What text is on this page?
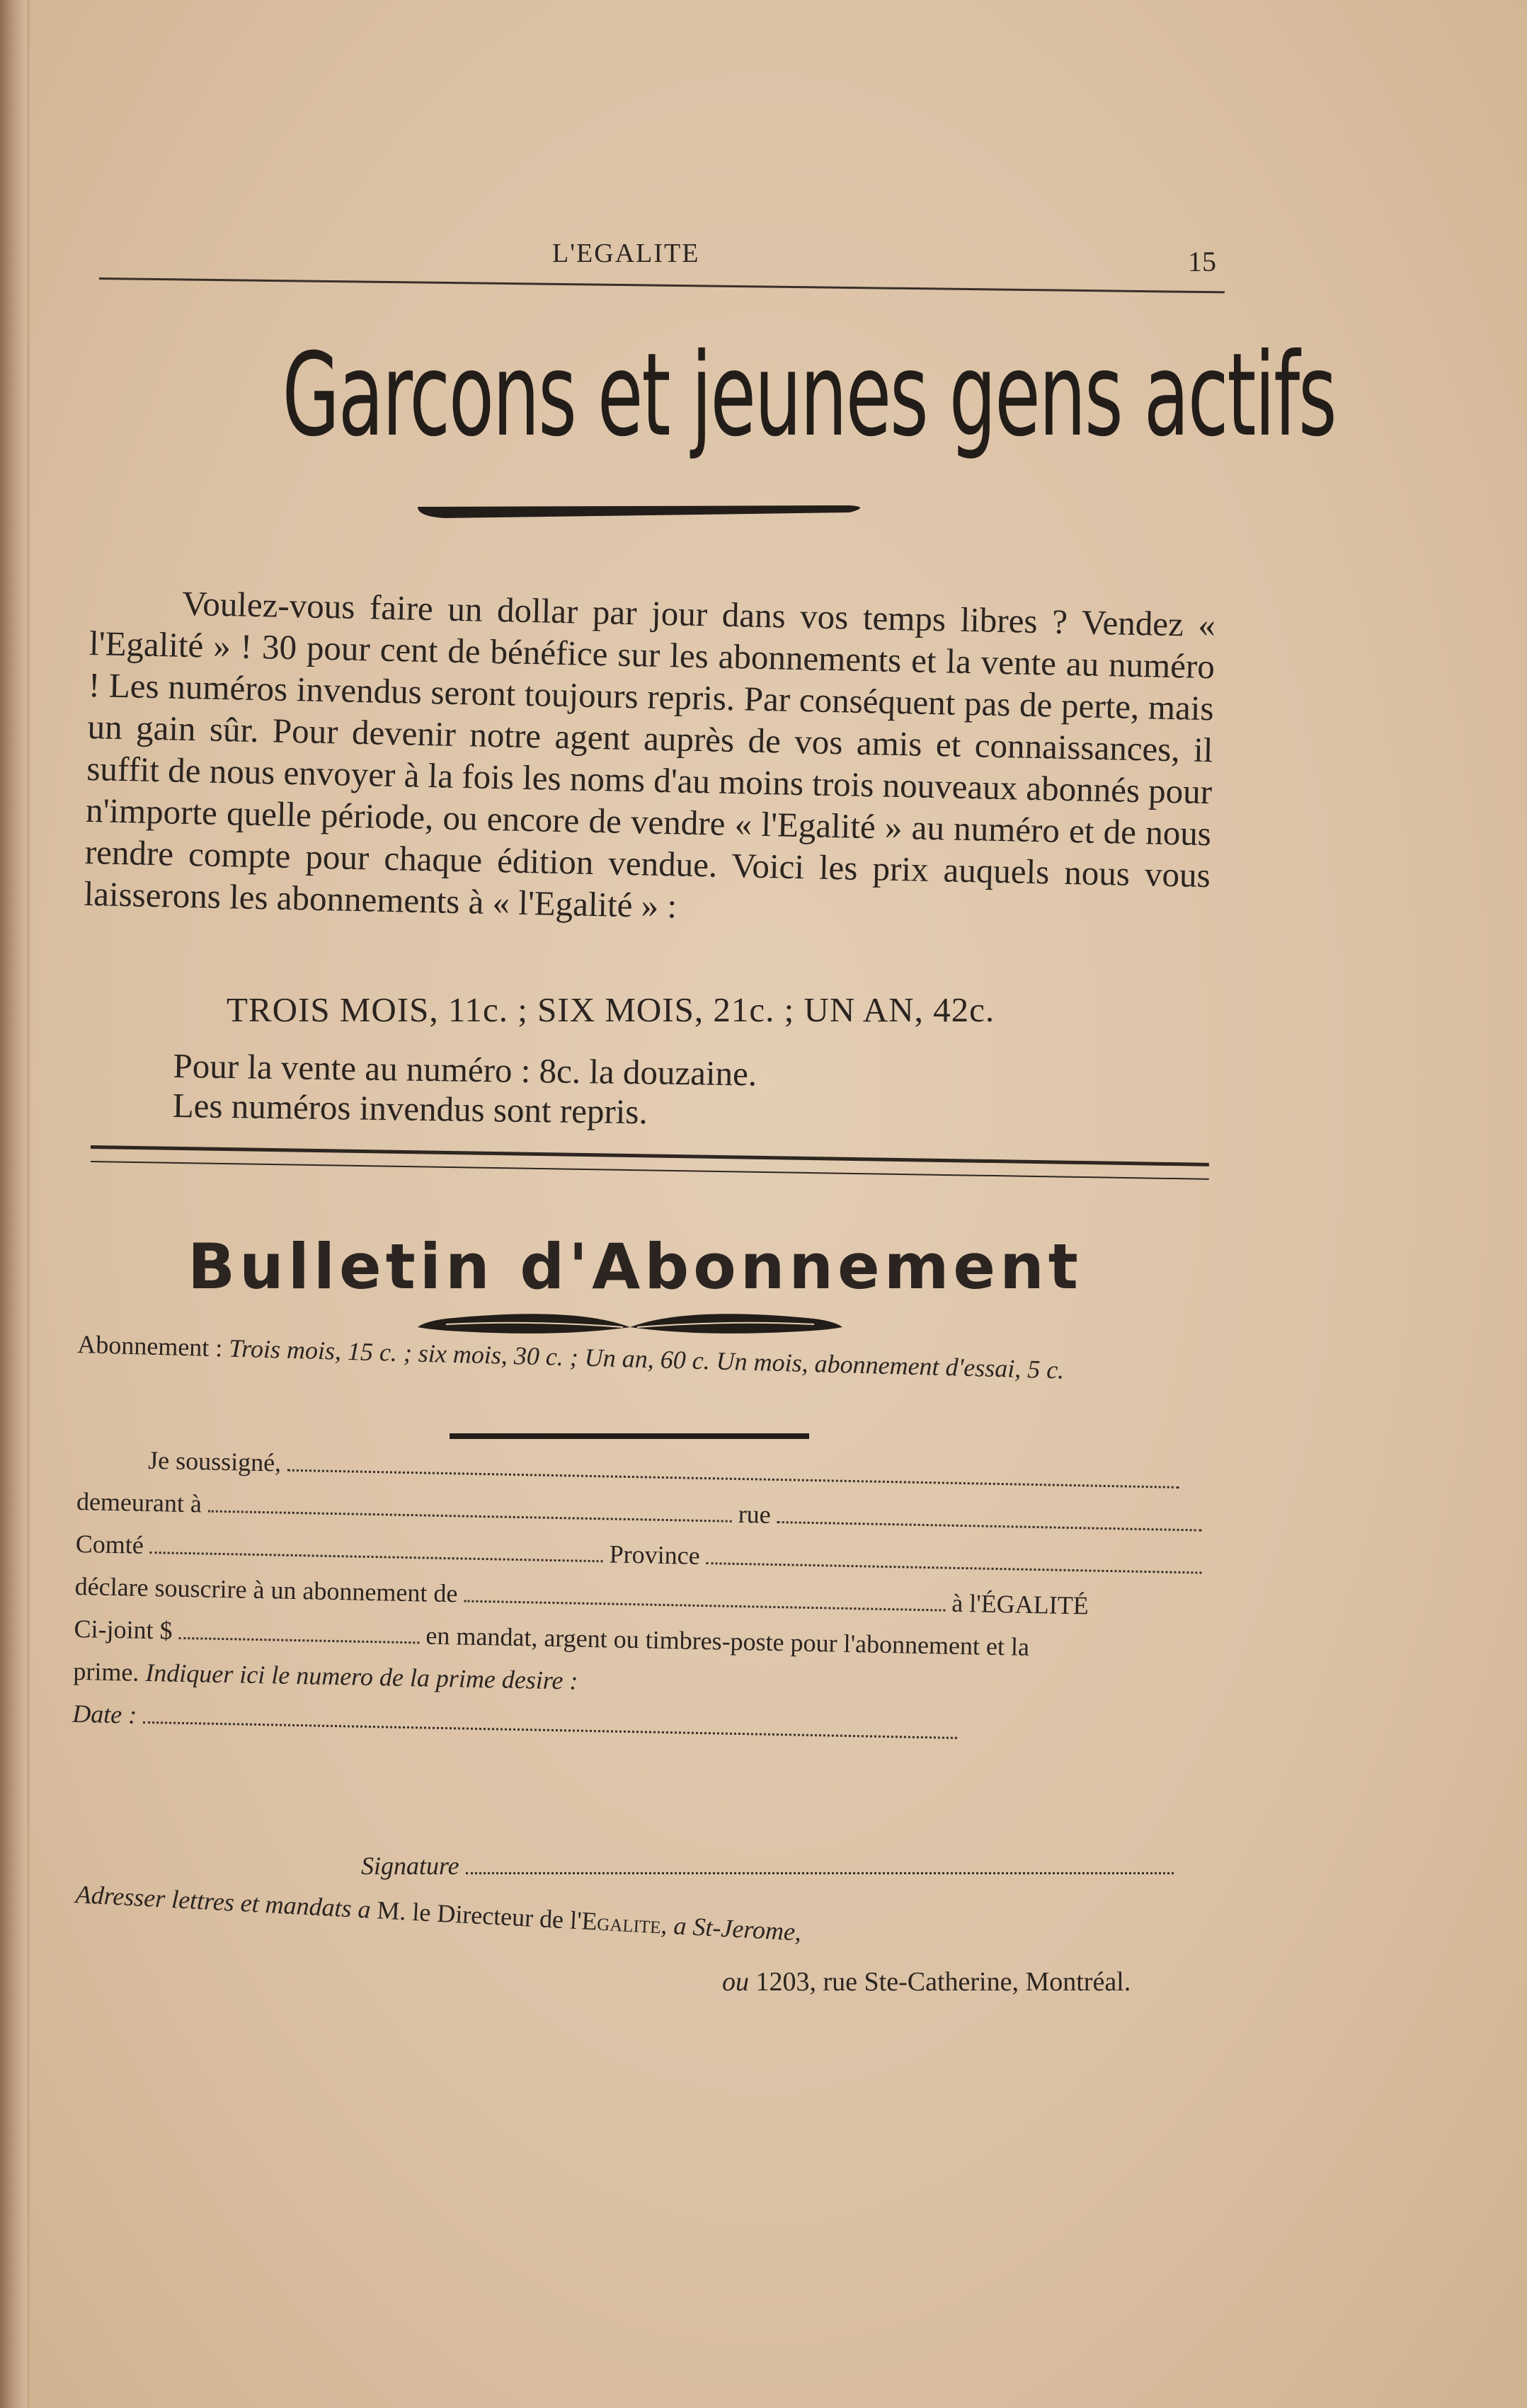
L'EGALITE	15
Garcons et jeunes gens actifs

Voulez-vous faire un dollar par jour dans vos temps libres ? Vendez « l'Egalité » ! 30 pour cent de bénéfice sur les abonnements et la vente au numéro ! Les numéros invendus seront toujours repris. Par conséquent pas de perte, mais un gain sûr. Pour devenir notre agent auprès de vos amis et connaissances, il suffit de nous envoyer à la fois les noms d'au moins trois nouveaux abonnés pour n'importe quelle période, ou encore de vendre « l'Egalité » au numéro et de nous rendre compte pour chaque édition vendue. Voici les prix auquels nous vous laisserons les abonnements à « l'Egalité » :

TROIS MOIS, 11c. ; SIX MOIS, 21c. ; UN AN, 42c.
Pour la vente au numéro : 8c. la douzaine.
Les numéros invendus sont repris.
Bulletin d'Abonnement
Abonnement : Trois mois, 15 c. ; six mois, 30 c. ; Un an, 60 c. Un mois, abonnement d'essai, 5 c.
Je soussigné,
demeurant à	rue
Comté	Province
déclare souscrire à un abonnement de	à l'ÉGALITÉ
Ci-joint $	en mandat, argent ou timbres-poste pour l'abonnement et la
prime. Indiquer ici le numero de la prime desire :
Date :
Signature
Adresser lettres et mandats a M. le Directeur de l'Egalite, a St-Jerome,
ou 1203, rue Ste-Catherine, Montréal.
